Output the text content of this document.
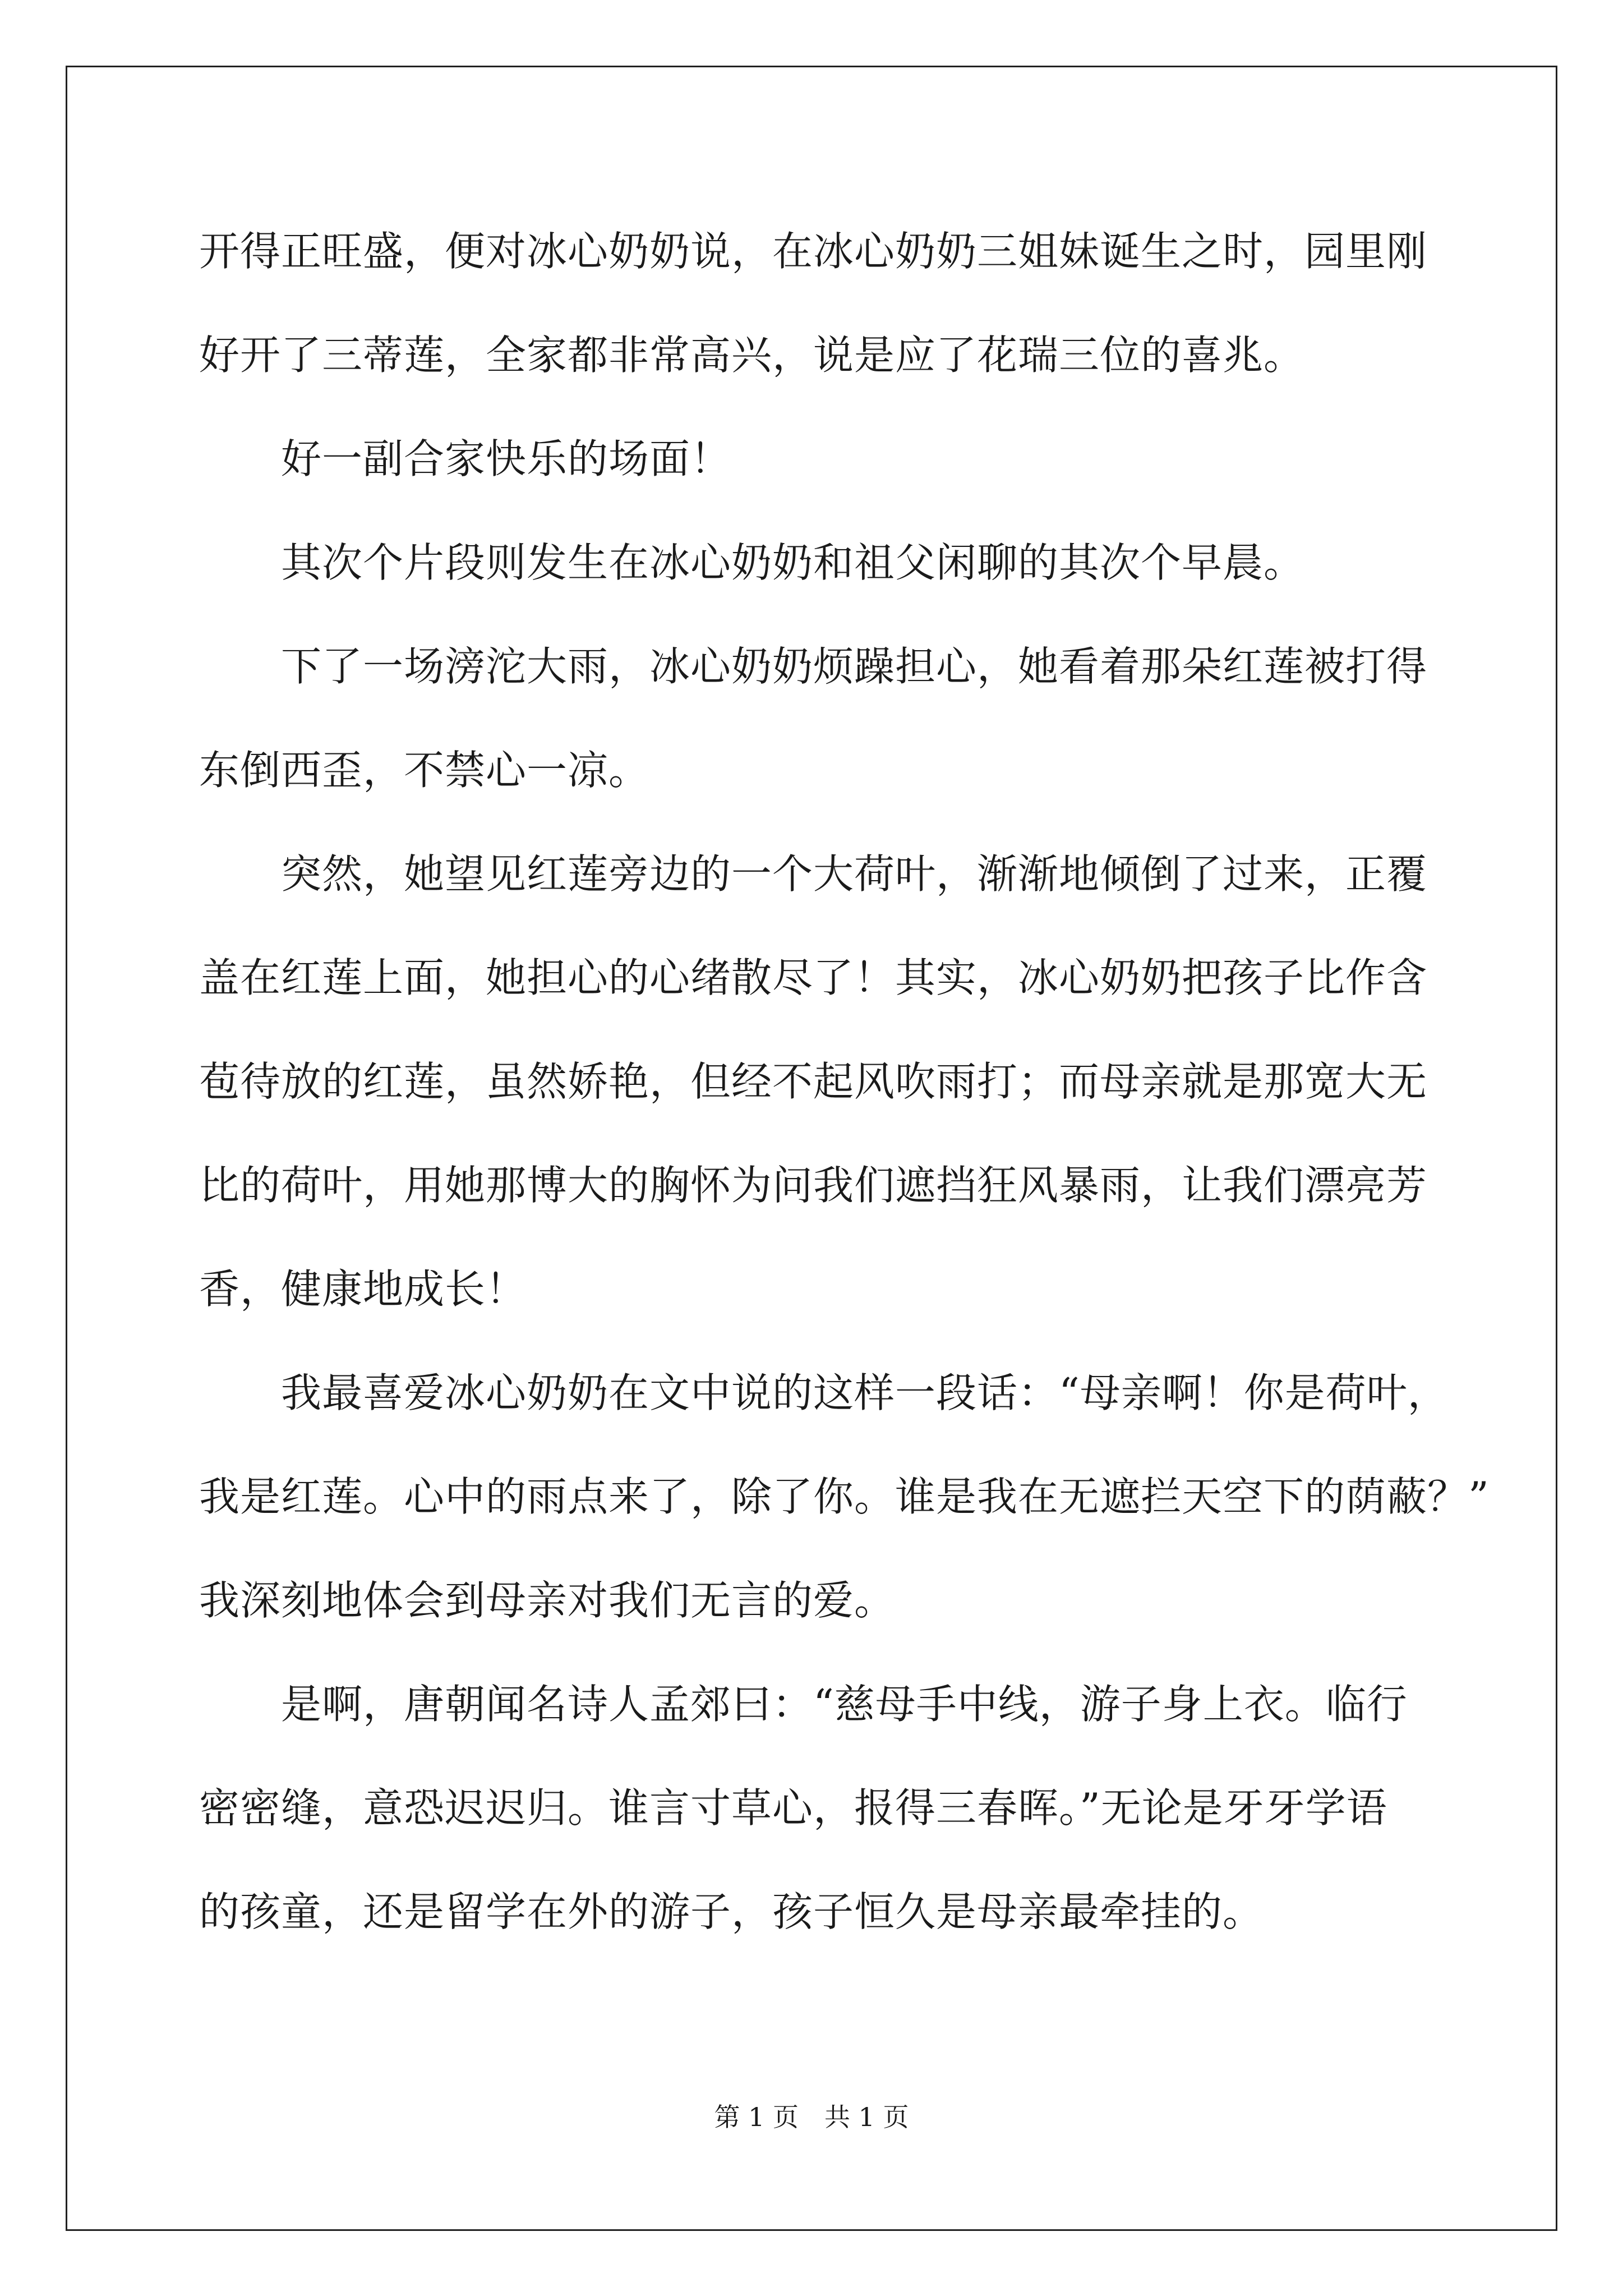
开得正旺盛，便对冰心奶奶说，在冰心奶奶三姐妹诞生之时，园里刚
好开了三蒂莲，全家都非常高兴，说是应了花瑞三位的喜兆。
　　好一副合家快乐的场面！
　　其次个片段则发生在冰心奶奶和祖父闲聊的其次个早晨。
　　下了一场滂沱大雨，冰心奶奶烦躁担心，她看着那朵红莲被打得
东倒西歪，不禁心一凉。
　　突然，她望见红莲旁边的一个大荷叶，渐渐地倾倒了过来，正覆
盖在红莲上面，她担心的心绪散尽了！其实，冰心奶奶把孩子比作含
苞待放的红莲，虽然娇艳，但经不起风吹雨打；而母亲就是那宽大无
比的荷叶，用她那博大的胸怀为问我们遮挡狂风暴雨，让我们漂亮芳
香，健康地成长！
　　我最喜爱冰心奶奶在文中说的这样一段话：“母亲啊！你是荷叶，
我是红莲。心中的雨点来了，除了你。谁是我在无遮拦天空下的荫蔽？”
我深刻地体会到母亲对我们无言的爱。
　　是啊，唐朝闻名诗人孟郊曰：“慈母手中线，游子身上衣。临行
密密缝，意恐迟迟归。谁言寸草心，报得三春晖。”无论是牙牙学语
的孩童，还是留学在外的游子，孩子恒久是母亲最牵挂的。
第 1 页　共 1 页
